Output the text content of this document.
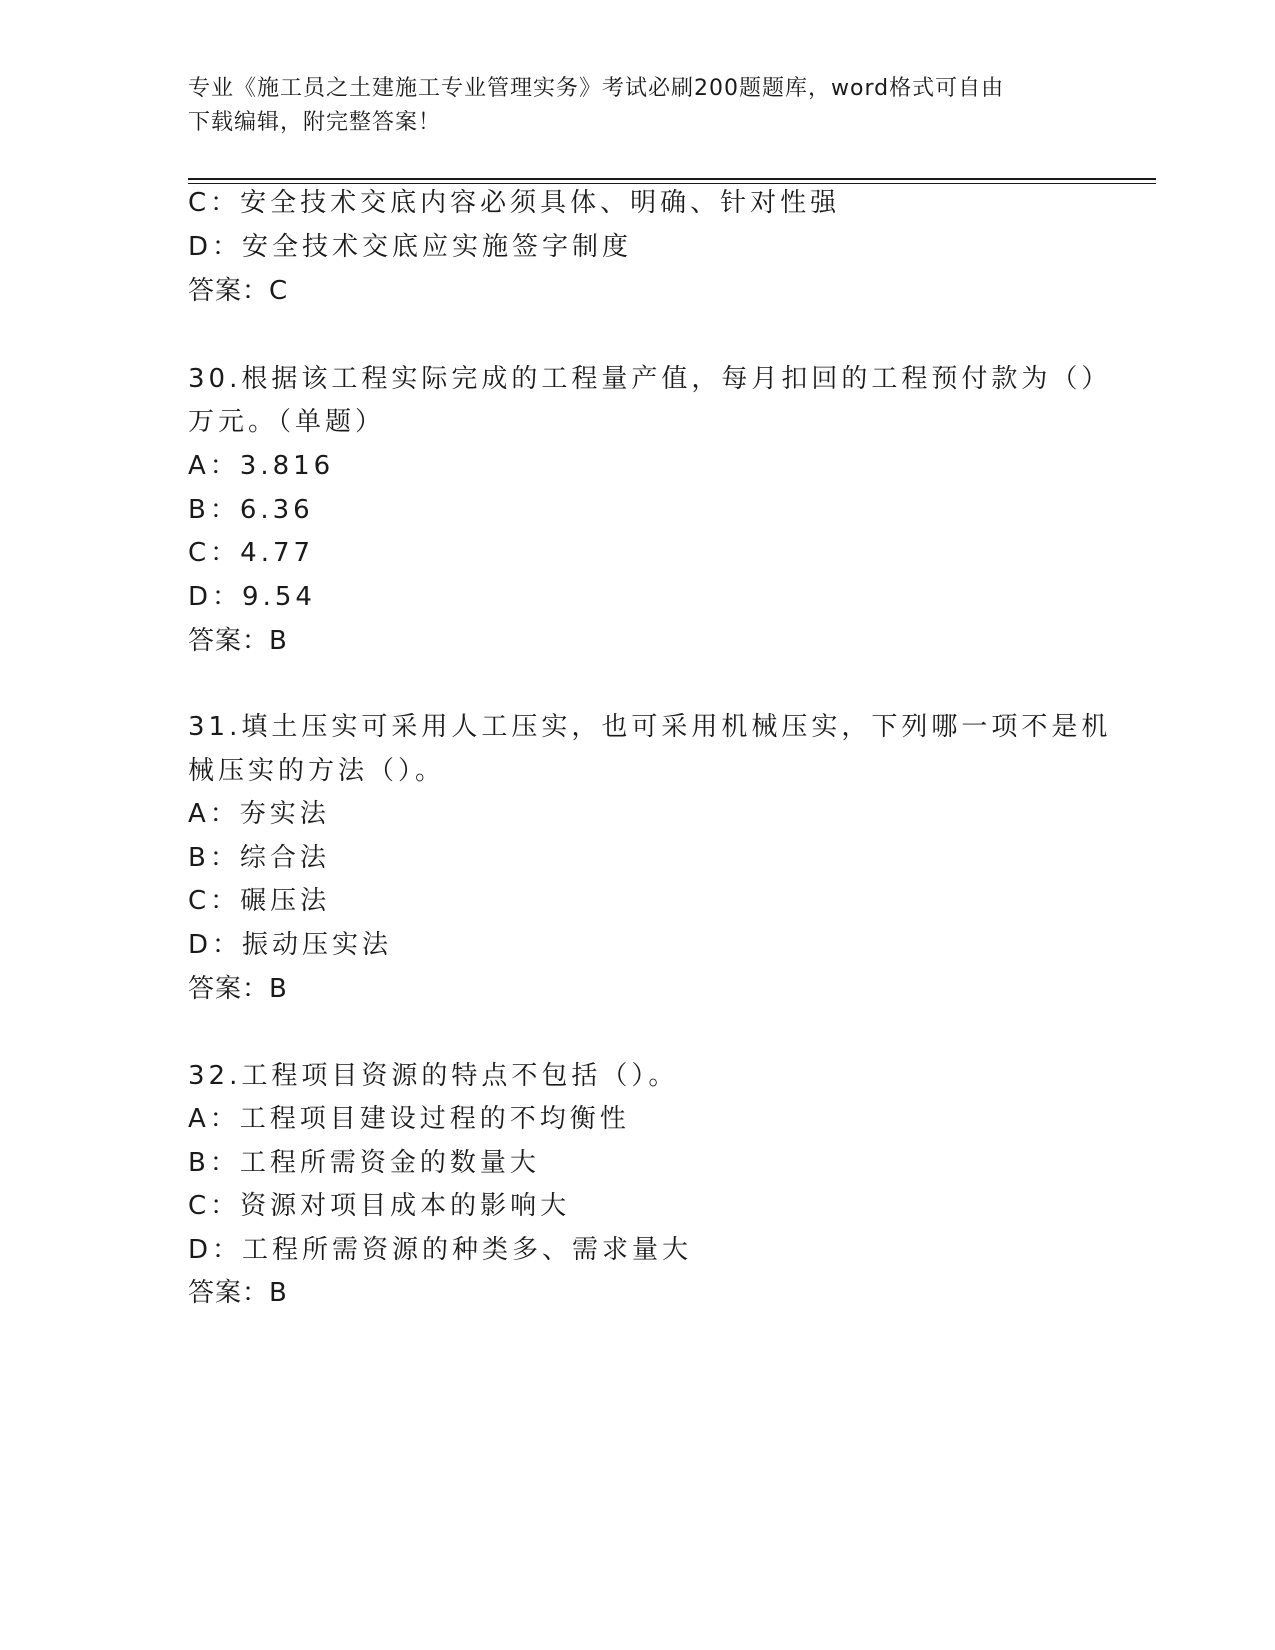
专业《施工员之土建施工专业管理实务》考试必刷200题题库，word格式可自由
下载编辑，附完整答案！
C：安全技术交底内容必须具体、明确、针对性强
D：安全技术交底应实施签字制度
答案：C
30.根据该工程实际完成的工程量产值，每月扣回的工程预付款为（）
万元。（单题）
A：3.816
B：6.36
C：4.77
D：9.54
答案：B
31.填土压实可采用人工压实，也可采用机械压实，下列哪一项不是机
械压实的方法（）。
A：夯实法
B：综合法
C：碾压法
D：振动压实法
答案：B
32.工程项目资源的特点不包括（）。
A：工程项目建设过程的不均衡性
B：工程所需资金的数量大
C：资源对项目成本的影响大
D：工程所需资源的种类多、需求量大
答案：B
